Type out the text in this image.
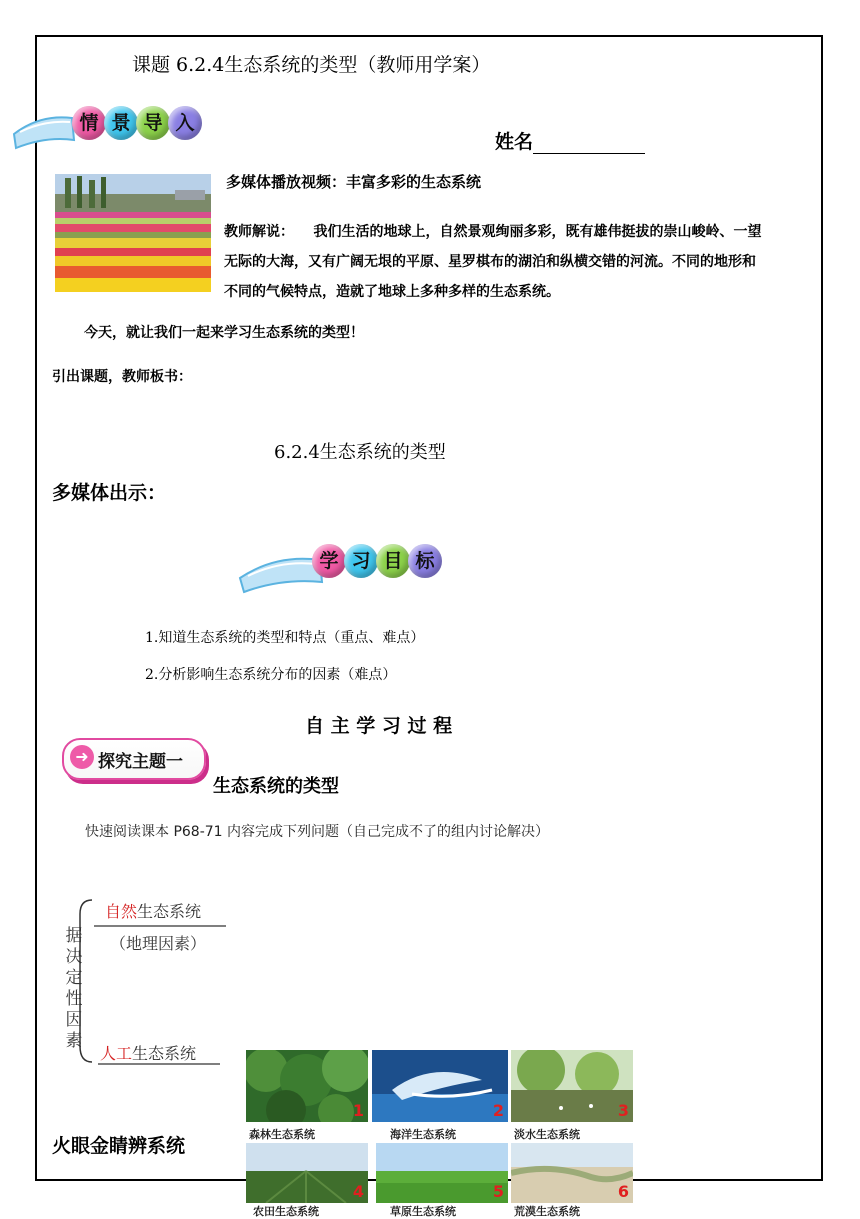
课题 6.2.4生态系统的类型（教师用学案）
情 景 导 入
姓名
多媒体播放视频：丰富多彩的生态系统
教师解说： 我们生活的地球上，自然景观绚丽多彩，既有雄伟挺拔的崇山峻岭、一望
无际的大海，又有广阔无垠的平原、星罗棋布的湖泊和纵横交错的河流。不同的地形和
不同的气候特点，造就了地球上多种多样的生态系统。
今天，就让我们一起来学习生态系统的类型！
引出课题，教师板书：
6.2.4生态系统的类型
多媒体出示：
学 习 目 标
1.知道生态系统的类型和特点（重点、难点）
2.分析影响生态系统分布的因素（难点）
自 主 学 习 过 程
➜ 探究主题一
生态系统的类型
快速阅读课本 P68-71 内容完成下列问题（自己完成不了的组内讨论解决）
据
决
定
性
因
素
自然生态系统
（地理因素）
人工生态系统
火眼金睛辨系统
1	2	3
森林生态系统	海洋生态系统	淡水生态系统
4	5	6
农田生态系统	草原生态系统	荒漠生态系统
